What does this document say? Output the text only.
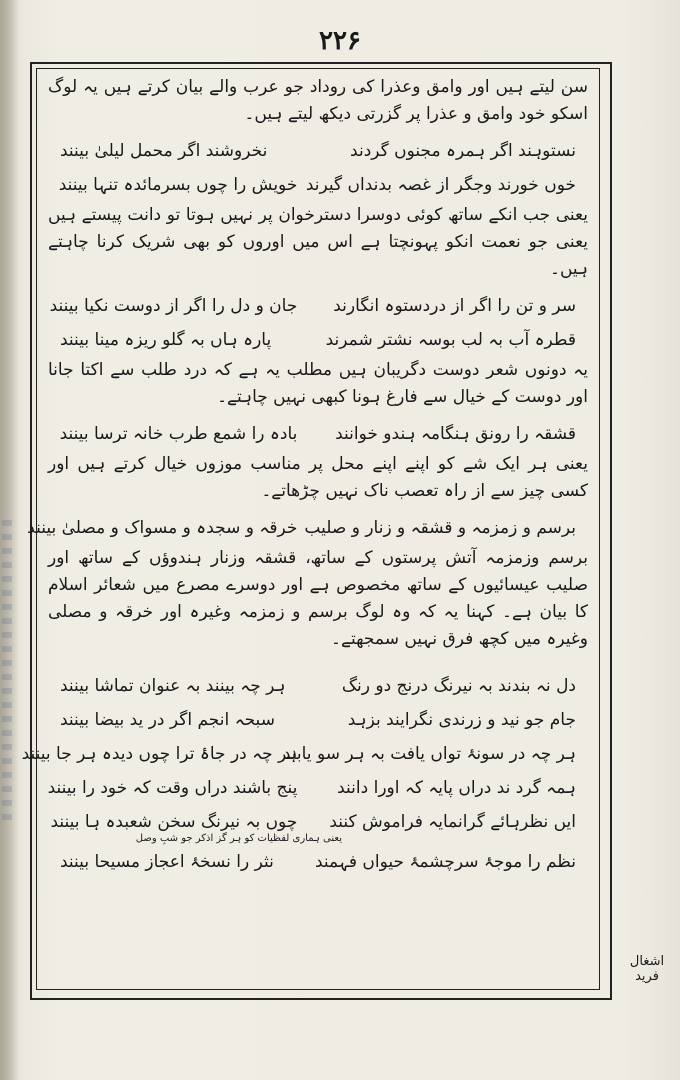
۲۲۶

سن لیتے ہیں اور وامق وعذرا کی روداد جو عرب والے بیان کرتے ہیں یہ لوگ اسکو خود وامق و عذرا پر گزرتی دیکھ لیتے ہیں۔

نستوہند اگر ہمرہ مجنوں گردند
نخروشند اگر محمل لیلیٰ بینند
خوں خورند وجگر از غصہ بدنداں گیرند
خویش را چوں بسرمائدہ تنہا بینند

یعنی جب انکے ساتھ کوئی دوسرا دسترخوان پر نہیں ہوتا تو دانت پیستے ہیں یعنی جو نعمت انکو پہونچتا ہے اس میں اوروں کو بھی شریک کرنا چاہتے ہیں۔

سر و تن را اگر از دردستوہ انگارند
جان و دل را اگر از دوست نکیا بینند
قطرہ آب بہ لب بوسہ نشتر شمرند
پارہ ہاں بہ گلو ریزہ مینا بینند

یہ دونوں شعر دوست دگریبان ہیں مطلب یہ ہے کہ درد طلب سے اکتا جانا اور دوست کے خیال سے فارغ ہونا کبھی نہیں چاہتے۔

قشقہ را رونق ہنگامہ ہندو خوانند
بادہ را شمع طرب خانہ ترسا بینند

یعنی ہر ایک شے کو اپنے اپنے محل پر مناسب موزوں خیال کرتے ہیں اور کسی چیز سے از راہ تعصب ناک نہیں چڑھاتے۔

برسم و زمزمہ و قشقہ و زنار و صلیب
خرقہ و سجدہ و مسواک و مصلیٰ بینند

برسم وزمزمہ آتش پرستوں کے ساتھ، قشقہ وزنار ہندوؤں کے ساتھ اور صلیب عیسائیوں کے ساتھ مخصوص ہے اور دوسرے مصرع میں شعائر اسلام کا بیان ہے۔ کہنا یہ کہ وہ لوگ برسم و زمزمہ وغیرہ اور خرقہ و مصلی وغیرہ میں کچھ فرق نہیں سمجھتے۔

دل نہ بندند بہ نیرنگ درنج دو رنگ
ہر چہ بینند بہ عنوان تماشا بینند
جام جو نید و زرندی نگرایند بزہد
سبحہ انجم اگر در ید بیضا بینند
ہر چہ در سونۂ تواں یافت بہ ہر سو یابند
ہر چہ در جاۂ ترا چوں دیدہ ہر جا بینند
ہمہ گرد ند دراں پایہ کہ اورا دانند
پنج باشند دراں وقت کہ خود را بینند
ایں نظرہائے گرانمایہ فراموش کنند
چوں بہ نیرنگ سخن شعبدہ ہا بینند
یعنی ہماری لفظیات کو ہر گز اذکر جو شبِ وصل
نظم را موجۂ سرچشمۂ حیواں فہمند
نثر را نسخۂ اعجاز مسیحا بینند
اشغال فرید
